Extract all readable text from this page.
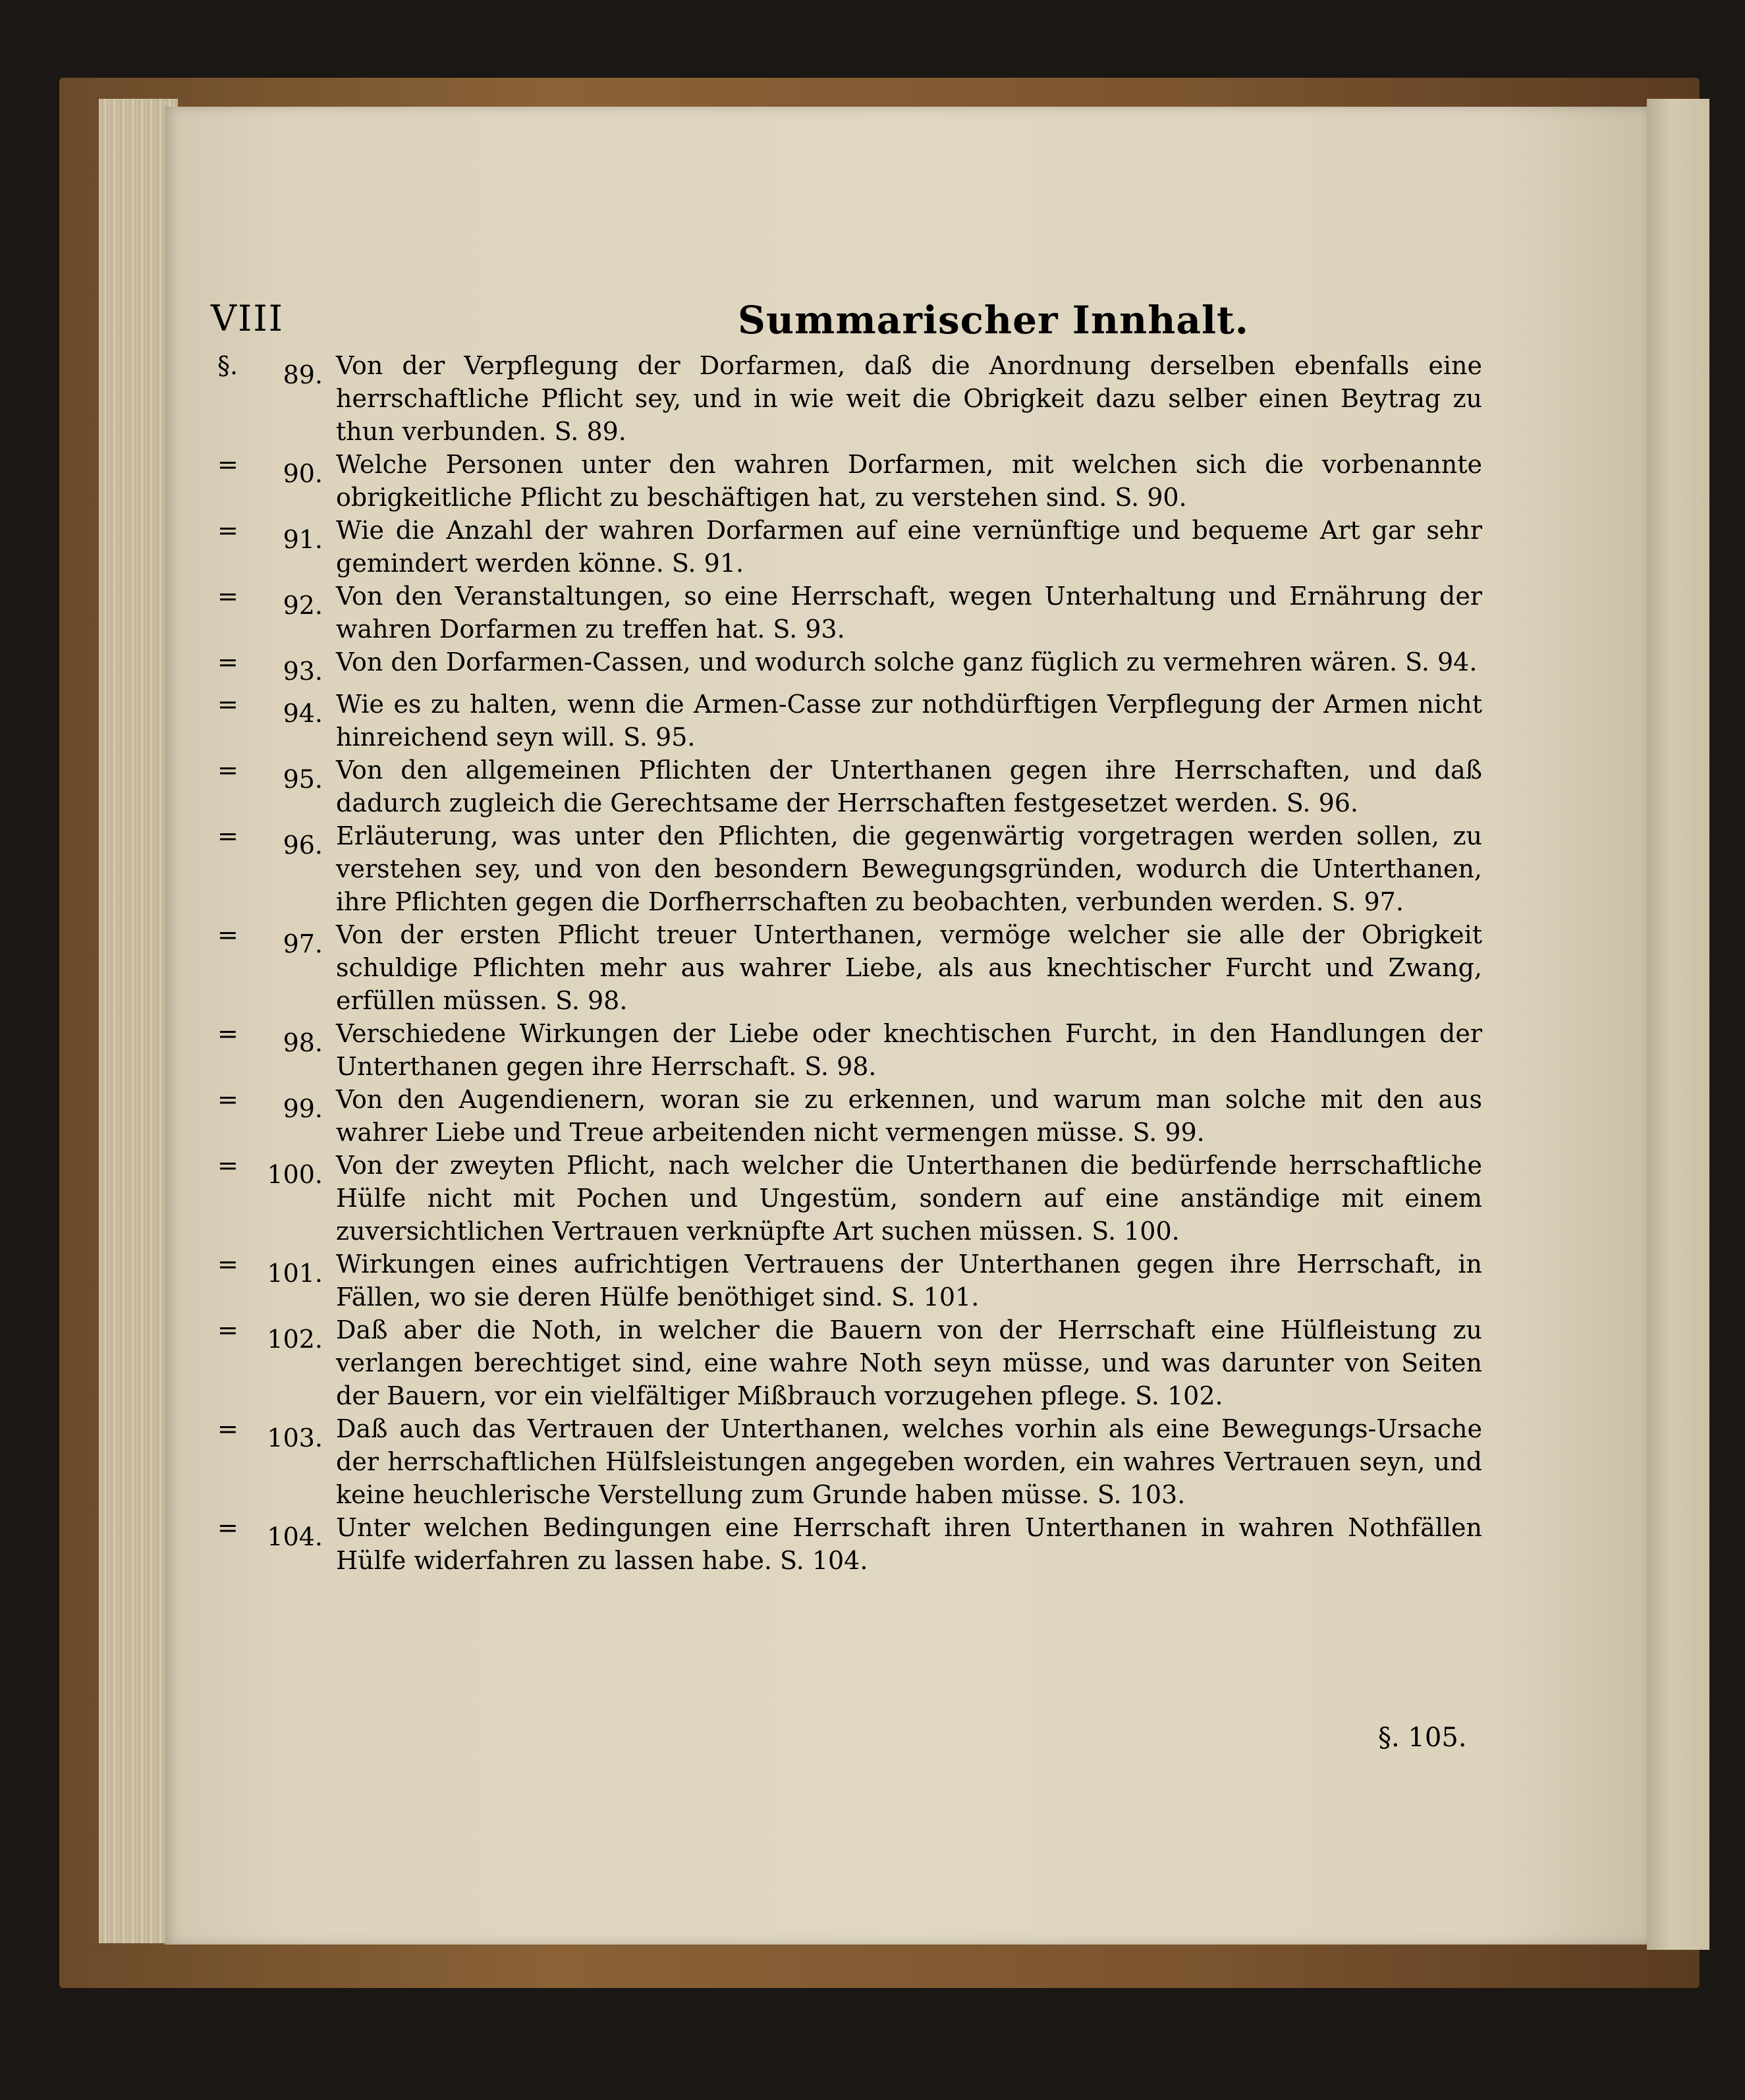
VIII	Summarischer Innhalt.
§.	89. Von der Verpflegung der Dorfarmen, daß die Anordnung derselben ebenfalls eine herrschaftliche Pflicht sey, und in wie weit die Obrigkeit dazu selber einen Beytrag zu thun verbunden. S. 89.
=	90. Welche Personen unter den wahren Dorfarmen, mit welchen sich die vorbenannte obrigkeitliche Pflicht zu beschäftigen hat, zu verstehen sind. S. 90.
=	91. Wie die Anzahl der wahren Dorfarmen auf eine vernünftige und bequeme Art gar sehr gemindert werden könne. S. 91.
=	92. Von den Veranstaltungen, so eine Herrschaft, wegen Unterhaltung und Ernährung der wahren Dorfarmen zu treffen hat. S. 93.
=	93. Von den Dorfarmen-Cassen, und wodurch solche ganz füglich zu vermehren wären. S. 94.
=	94. Wie es zu halten, wenn die Armen-Casse zur nothdürftigen Verpflegung der Armen nicht hinreichend seyn will. S. 95.
=	95. Von den allgemeinen Pflichten der Unterthanen gegen ihre Herrschaften, und daß dadurch zugleich die Gerechtsame der Herrschaften festgesetzet werden. S. 96.
=	96. Erläuterung, was unter den Pflichten, die gegenwärtig vorgetragen werden sollen, zu verstehen sey, und von den besondern Bewegungsgründen, wodurch die Unterthanen, ihre Pflichten gegen die Dorfherrschaften zu beobachten, verbunden werden. S. 97.
=	97. Von der ersten Pflicht treuer Unterthanen, vermöge welcher sie alle der Obrigkeit schuldige Pflichten mehr aus wahrer Liebe, als aus knechtischer Furcht und Zwang, erfüllen müssen. S. 98.
=	98. Verschiedene Wirkungen der Liebe oder knechtischen Furcht, in den Handlungen der Unterthanen gegen ihre Herrschaft. S. 98.
=	99. Von den Augendienern, woran sie zu erkennen, und warum man solche mit den aus wahrer Liebe und Treue arbeitenden nicht vermengen müsse. S. 99.
=	100. Von der zweyten Pflicht, nach welcher die Unterthanen die bedürfende herrschaftliche Hülfe nicht mit Pochen und Ungestüm, sondern auf eine anständige mit einem zuversichtlichen Vertrauen verknüpfte Art suchen müssen. S. 100.
=	101. Wirkungen eines aufrichtigen Vertrauens der Unterthanen gegen ihre Herrschaft, in Fällen, wo sie deren Hülfe benöthiget sind. S. 101.
=	102. Daß aber die Noth, in welcher die Bauern von der Herrschaft eine Hülfleistung zu verlangen berechtiget sind, eine wahre Noth seyn müsse, und was darunter von Seiten der Bauern, vor ein vielfältiger Mißbrauch vorzugehen pflege. S. 102.
=	103. Daß auch das Vertrauen der Unterthanen, welches vorhin als eine Bewegungs-Ursache der herrschaftlichen Hülfsleistungen angegeben worden, ein wahres Vertrauen seyn, und keine heuchlerische Verstellung zum Grunde haben müsse. S. 103.
=	104. Unter welchen Bedingungen eine Herrschaft ihren Unterthanen in wahren Nothfällen Hülfe widerfahren zu lassen habe. S. 104.
§. 105.
